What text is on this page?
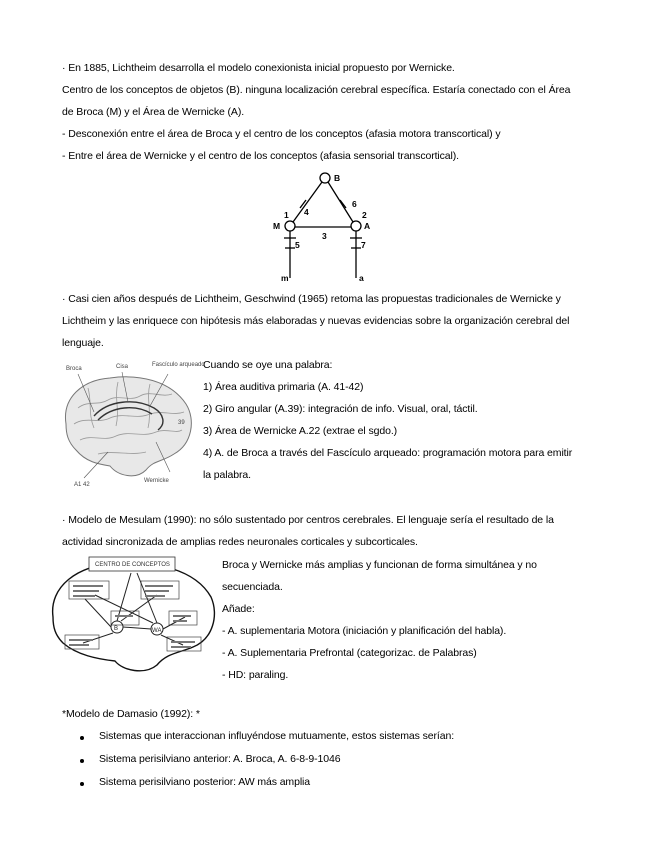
· En 1885, Lichtheim desarrolla el modelo conexionista inicial propuesto por Wernicke.
Centro de los conceptos de objetos (B). ninguna localización cerebral específica. Estaría conectado con el Área
de Broca (M) y el Área de Wernicke (A).
- Desconexión entre el área de Broca y el centro de los conceptos (afasia motora transcortical) y
- Entre el área de Wernicke y el centro de los conceptos (afasia sensorial transcortical).
B
M	A
m	a
1	2
3
4
5
6
7
· Casi cien años después de Lichtheim, Geschwind (1965) retoma las propuestas tradicionales de Wernicke y
Lichtheim y las enriquece con hipótesis más elaboradas y nuevas evidencias sobre la organización cerebral del
lenguaje.
Broca	Cisa	Fascículo arqueado
Wernicke
A1 42
39
Cuando se oye una palabra:
1) Área auditiva primaria (A. 41-42)
2) Giro angular (A.39): integración de info. Visual, oral, táctil.
3) Área de Wernicke A.22 (extrae el sgdo.)
4) A. de Broca a través del Fascículo arqueado: programación motora para emitir
la palabra.
· Modelo de Mesulam (1990): no sólo sustentado por centros cerebrales. El lenguaje sería el resultado de la
actividad sincronizada de amplias redes neuronales corticales y subcorticales.
CENTRO DE CONCEPTOS
B	WA
Broca y Wernicke más amplias y funcionan de forma simultánea y no
secuenciada.
Añade:
- A. suplementaria Motora (iniciación y planificación del habla).
- A. Suplementaria Prefrontal (categorizac. de Palabras)
- HD: paraling.
*Modelo de Damasio (1992): *
Sistemas que interaccionan influyéndose mutuamente, estos sistemas serían:
Sistema perisilviano anterior: A. Broca, A. 6-8-9-1046
Sistema perisilviano posterior: AW más amplia
